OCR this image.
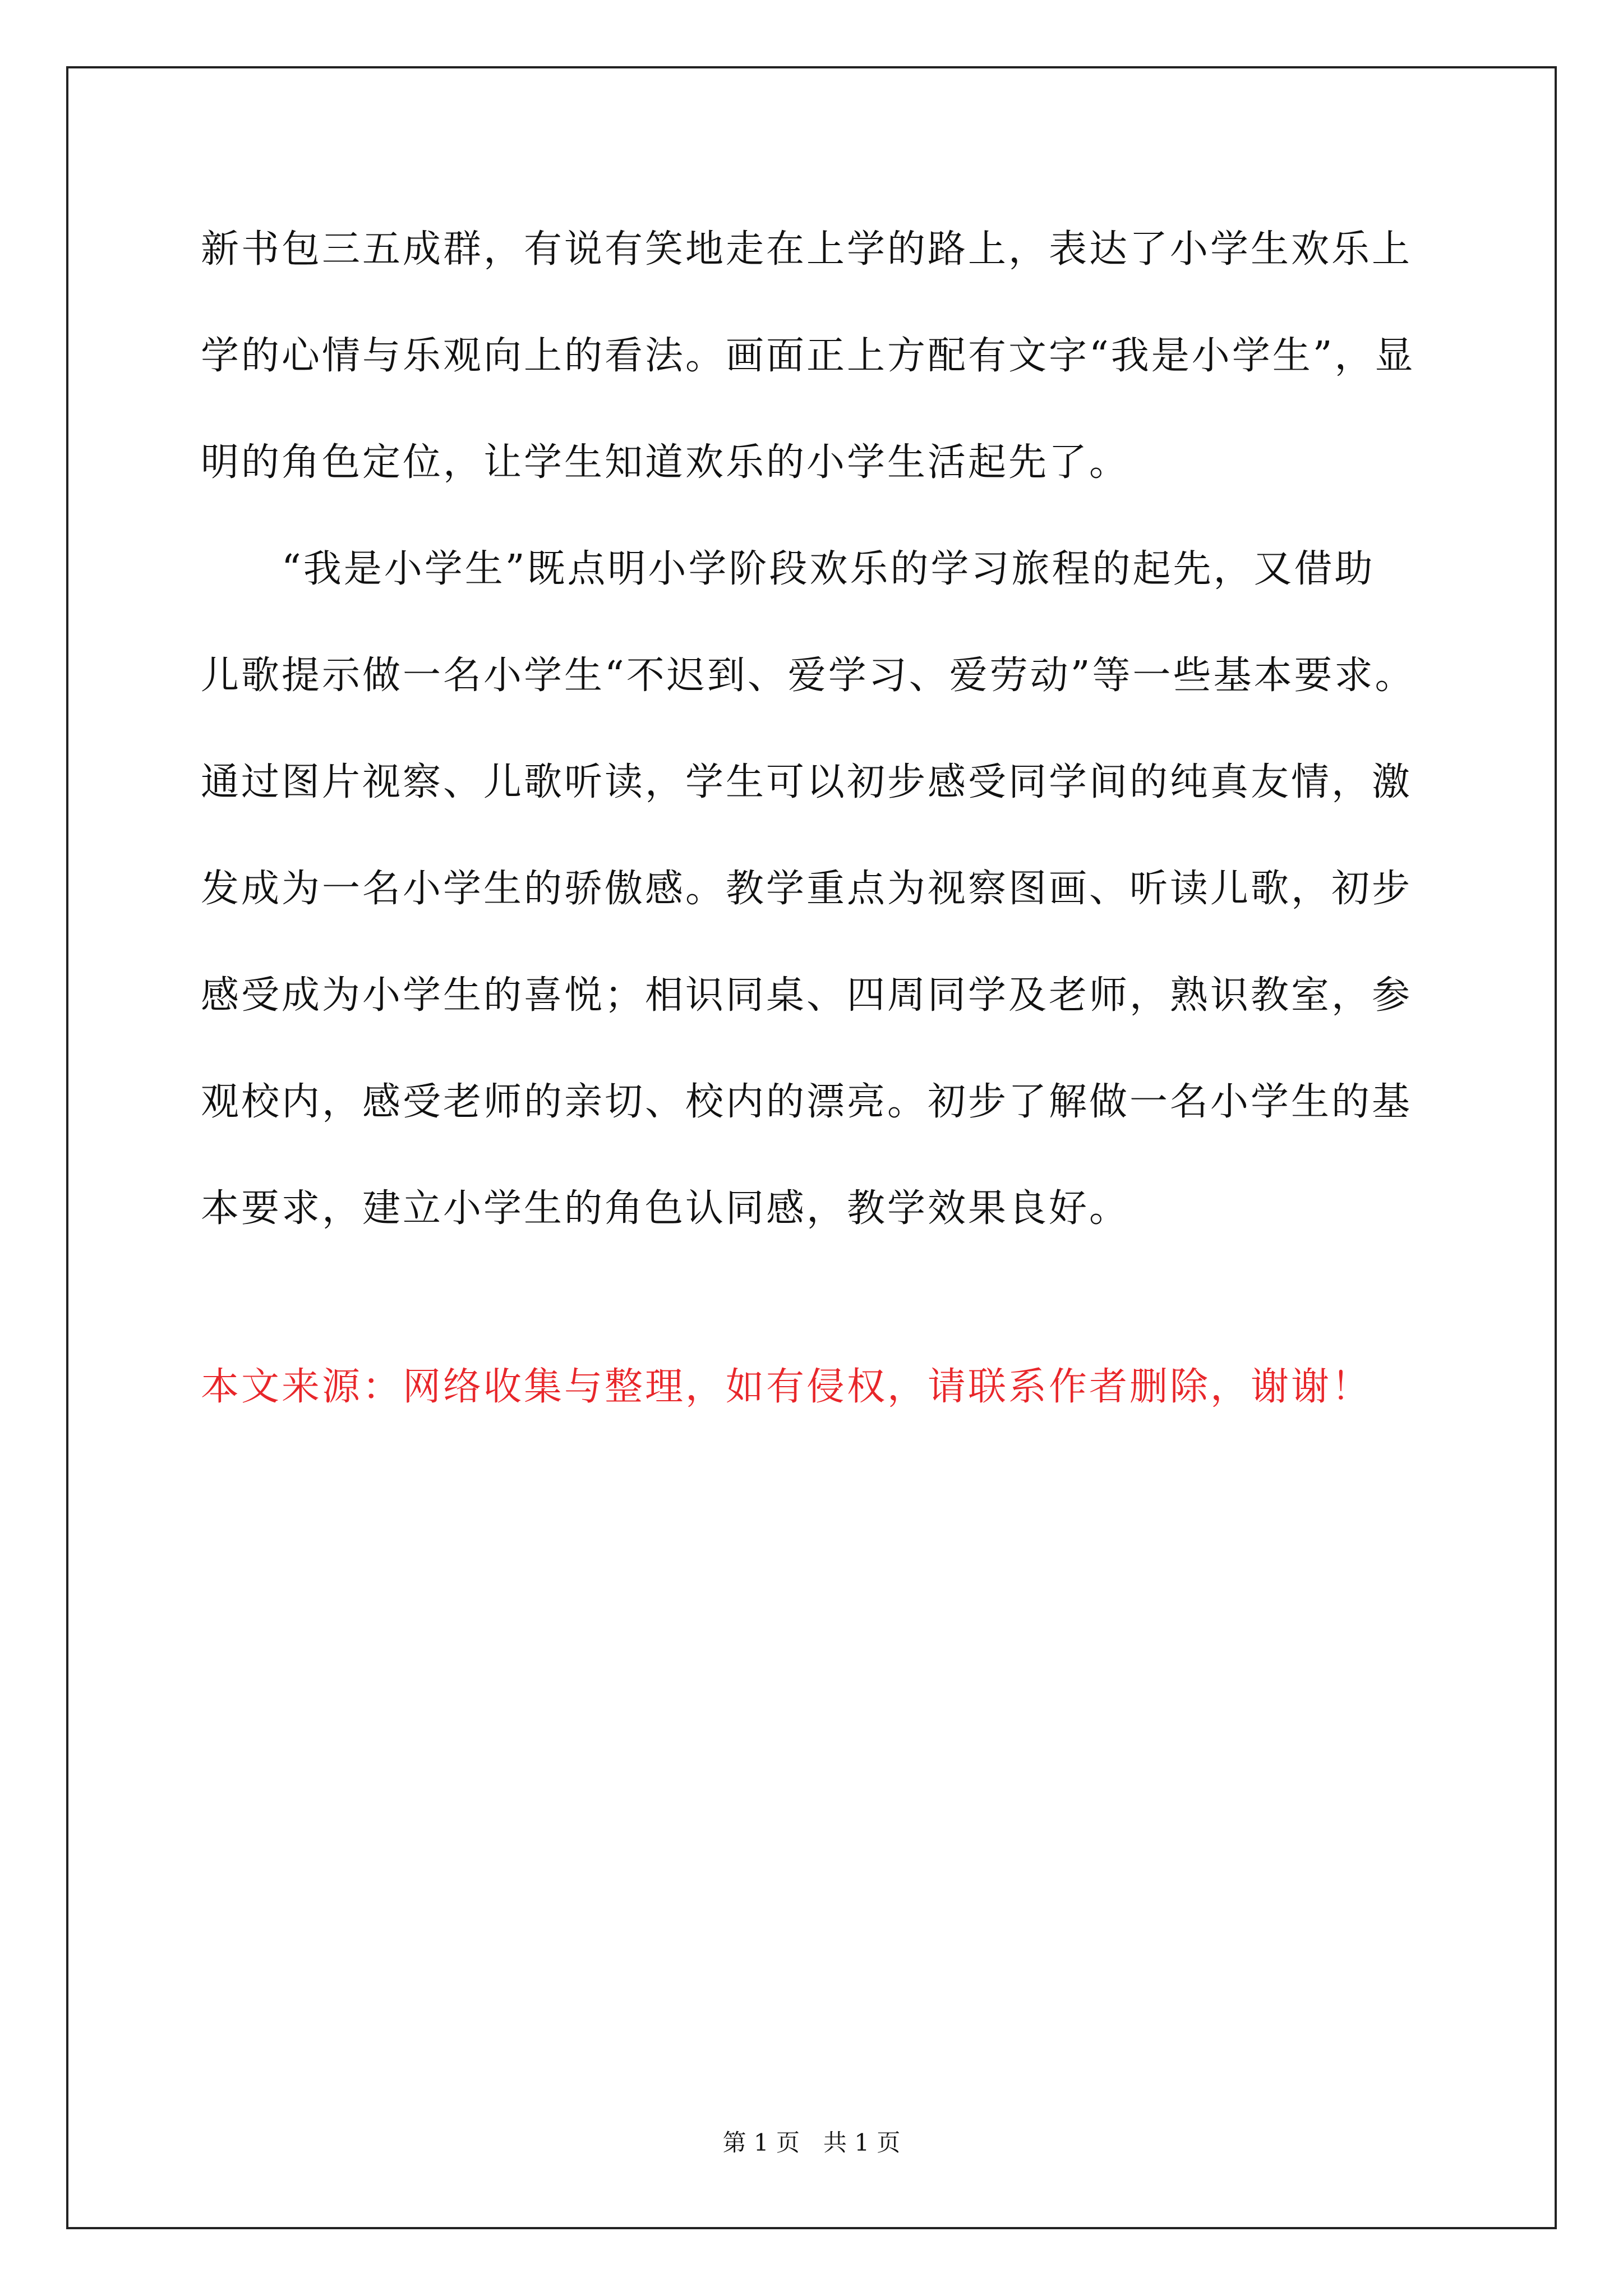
新书包三五成群，有说有笑地走在上学的路上，表达了小学生欢乐上
学的心情与乐观向上的看法。画面正上方配有文字“我是小学生”，显
明的角色定位，让学生知道欢乐的小学生活起先了。
　　“我是小学生”既点明小学阶段欢乐的学习旅程的起先，又借助
儿歌提示做一名小学生“不迟到、爱学习、爱劳动”等一些基本要求。
通过图片视察、儿歌听读，学生可以初步感受同学间的纯真友情，激
发成为一名小学生的骄傲感。教学重点为视察图画、听读儿歌，初步
感受成为小学生的喜悦；相识同桌、四周同学及老师，熟识教室，参
观校内，感受老师的亲切、校内的漂亮。初步了解做一名小学生的基
本要求，建立小学生的角色认同感，教学效果良好。
本文来源：网络收集与整理，如有侵权，请联系作者删除，谢谢！
第 1 页　共 1 页
